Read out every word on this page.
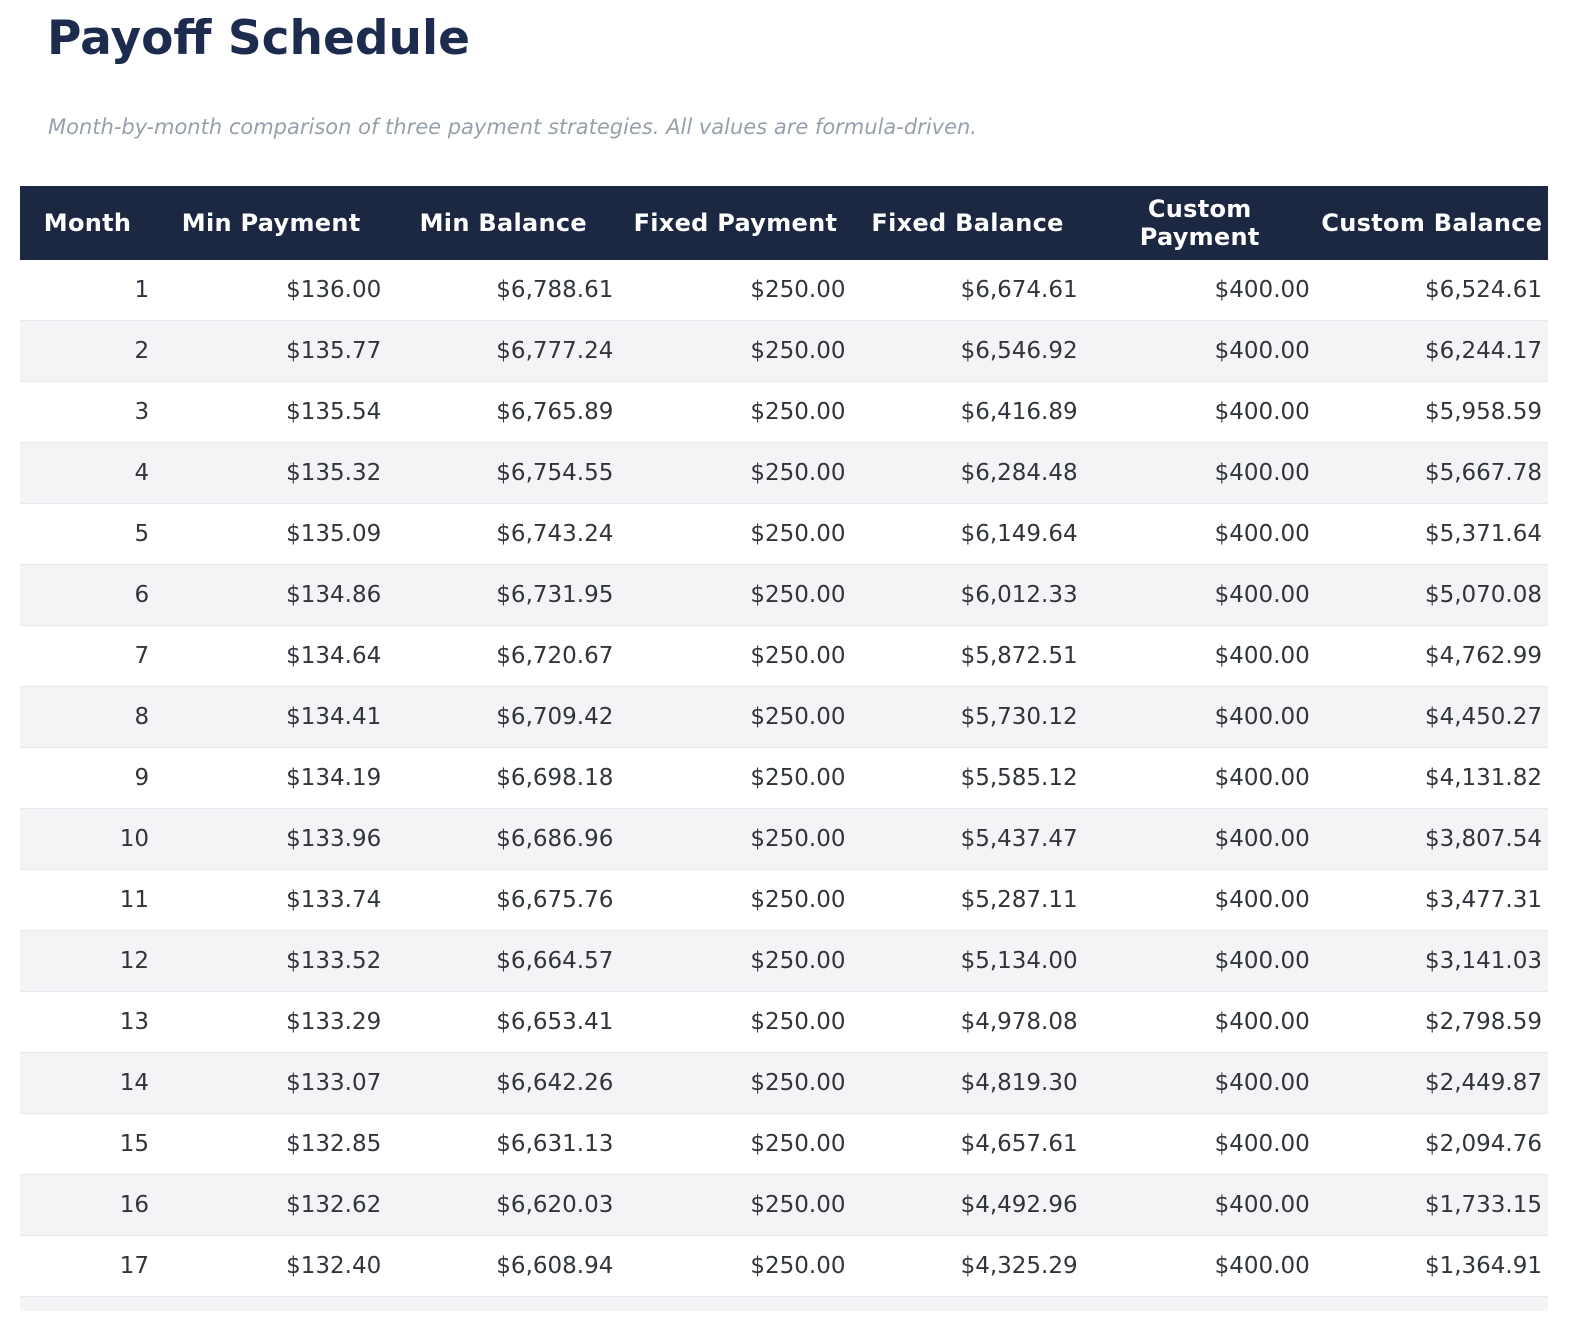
Payoff Schedule

Month-by-month comparison of three payment strategies. All values are formula-driven.

Month	Min Payment	Min Balance	Fixed Payment	Fixed Balance	Custom Payment	Custom Balance
1	$136.00	$6,788.61	$250.00	$6,674.61	$400.00	$6,524.61
2	$135.77	$6,777.24	$250.00	$6,546.92	$400.00	$6,244.17
3	$135.54	$6,765.89	$250.00	$6,416.89	$400.00	$5,958.59
4	$135.32	$6,754.55	$250.00	$6,284.48	$400.00	$5,667.78
5	$135.09	$6,743.24	$250.00	$6,149.64	$400.00	$5,371.64
6	$134.86	$6,731.95	$250.00	$6,012.33	$400.00	$5,070.08
7	$134.64	$6,720.67	$250.00	$5,872.51	$400.00	$4,762.99
8	$134.41	$6,709.42	$250.00	$5,730.12	$400.00	$4,450.27
9	$134.19	$6,698.18	$250.00	$5,585.12	$400.00	$4,131.82
10	$133.96	$6,686.96	$250.00	$5,437.47	$400.00	$3,807.54
11	$133.74	$6,675.76	$250.00	$5,287.11	$400.00	$3,477.31
12	$133.52	$6,664.57	$250.00	$5,134.00	$400.00	$3,141.03
13	$133.29	$6,653.41	$250.00	$4,978.08	$400.00	$2,798.59
14	$133.07	$6,642.26	$250.00	$4,819.30	$400.00	$2,449.87
15	$132.85	$6,631.13	$250.00	$4,657.61	$400.00	$2,094.76
16	$132.62	$6,620.03	$250.00	$4,492.96	$400.00	$1,733.15
17	$132.40	$6,608.94	$250.00	$4,325.29	$400.00	$1,364.91
